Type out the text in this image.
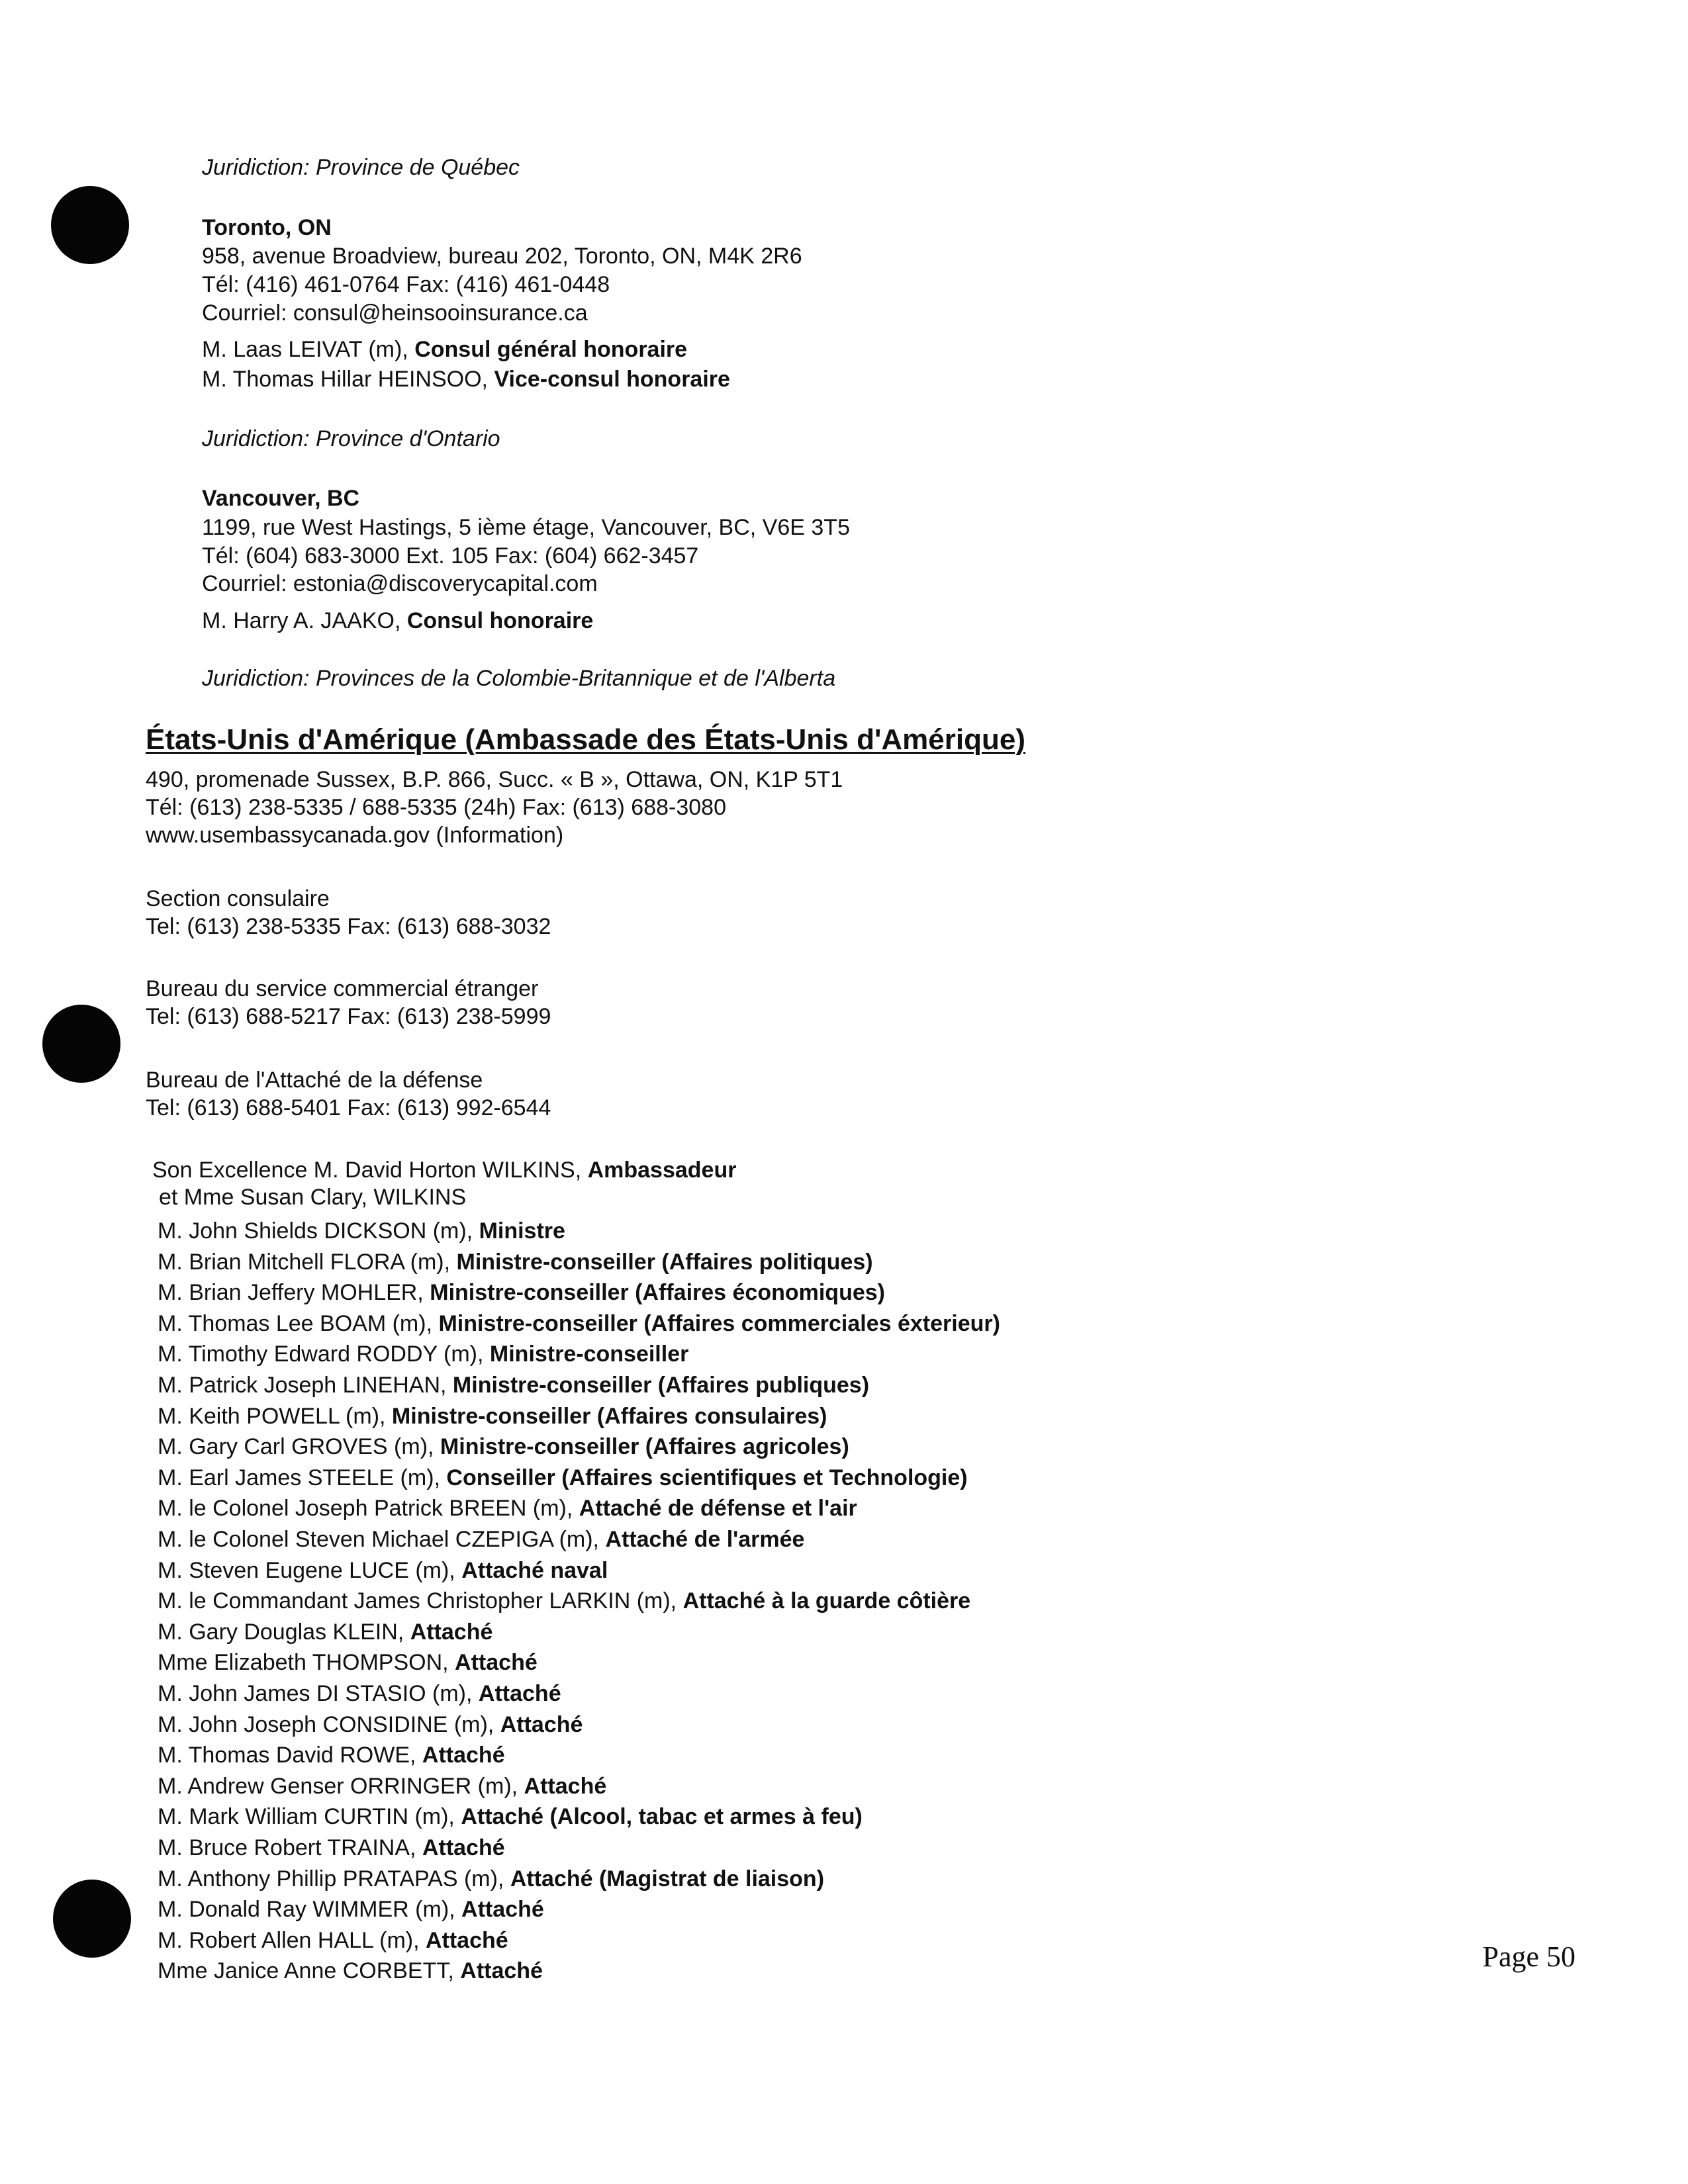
Juridiction: Province de Québec
Toronto, ON
958, avenue Broadview, bureau 202, Toronto, ON, M4K 2R6
Tél: (416) 461-0764 Fax: (416) 461-0448
Courriel: consul@heinsooinsurance.ca
M. Laas LEIVAT (m), Consul général honoraire
M. Thomas Hillar HEINSOO, Vice-consul honoraire
Juridiction: Province d'Ontario
Vancouver, BC
1199, rue West Hastings, 5 ième étage, Vancouver, BC, V6E 3T5
Tél: (604) 683-3000 Ext. 105 Fax: (604) 662-3457
Courriel: estonia@discoverycapital.com
M. Harry A. JAAKO, Consul honoraire
Juridiction: Provinces de la Colombie-Britannique et de l'Alberta
États-Unis d'Amérique (Ambassade des États-Unis d'Amérique)
490, promenade Sussex, B.P. 866, Succ. « B », Ottawa, ON, K1P 5T1
Tél: (613) 238-5335 / 688-5335 (24h) Fax: (613) 688-3080
www.usembassycanada.gov (Information)
Section consulaire
Tel: (613) 238-5335 Fax: (613) 688-3032
Bureau du service commercial étranger
Tel: (613) 688-5217 Fax: (613) 238-5999
Bureau de l'Attaché de la défense
Tel: (613) 688-5401 Fax: (613) 992-6544
Son Excellence M. David Horton WILKINS, Ambassadeur
et Mme Susan Clary, WILKINS
M. John Shields DICKSON (m), Ministre
M. Brian Mitchell FLORA (m), Ministre-conseiller (Affaires politiques)
M. Brian Jeffery MOHLER, Ministre-conseiller (Affaires économiques)
M. Thomas Lee BOAM (m), Ministre-conseiller (Affaires commerciales éxterieur)
M. Timothy Edward RODDY (m), Ministre-conseiller
M. Patrick Joseph LINEHAN, Ministre-conseiller (Affaires publiques)
M. Keith POWELL (m), Ministre-conseiller (Affaires consulaires)
M. Gary Carl GROVES (m), Ministre-conseiller (Affaires agricoles)
M. Earl James STEELE (m), Conseiller (Affaires scientifiques et Technologie)
M. le Colonel Joseph Patrick BREEN (m), Attaché de défense et l'air
M. le Colonel Steven Michael CZEPIGA (m), Attaché de l'armée
M. Steven Eugene LUCE (m), Attaché naval
M. le Commandant James Christopher LARKIN (m), Attaché à la guarde côtière
M. Gary Douglas KLEIN, Attaché
Mme Elizabeth THOMPSON, Attaché
M. John James DI STASIO (m), Attaché
M. John Joseph CONSIDINE (m), Attaché
M. Thomas David ROWE, Attaché
M. Andrew Genser ORRINGER (m), Attaché
M. Mark William CURTIN (m), Attaché (Alcool, tabac et armes à feu)
M. Bruce Robert TRAINA, Attaché
M. Anthony Phillip PRATAPAS (m), Attaché (Magistrat de liaison)
M. Donald Ray WIMMER (m), Attaché
M. Robert Allen HALL (m), Attaché
Mme Janice Anne CORBETT, Attaché	Page 50
